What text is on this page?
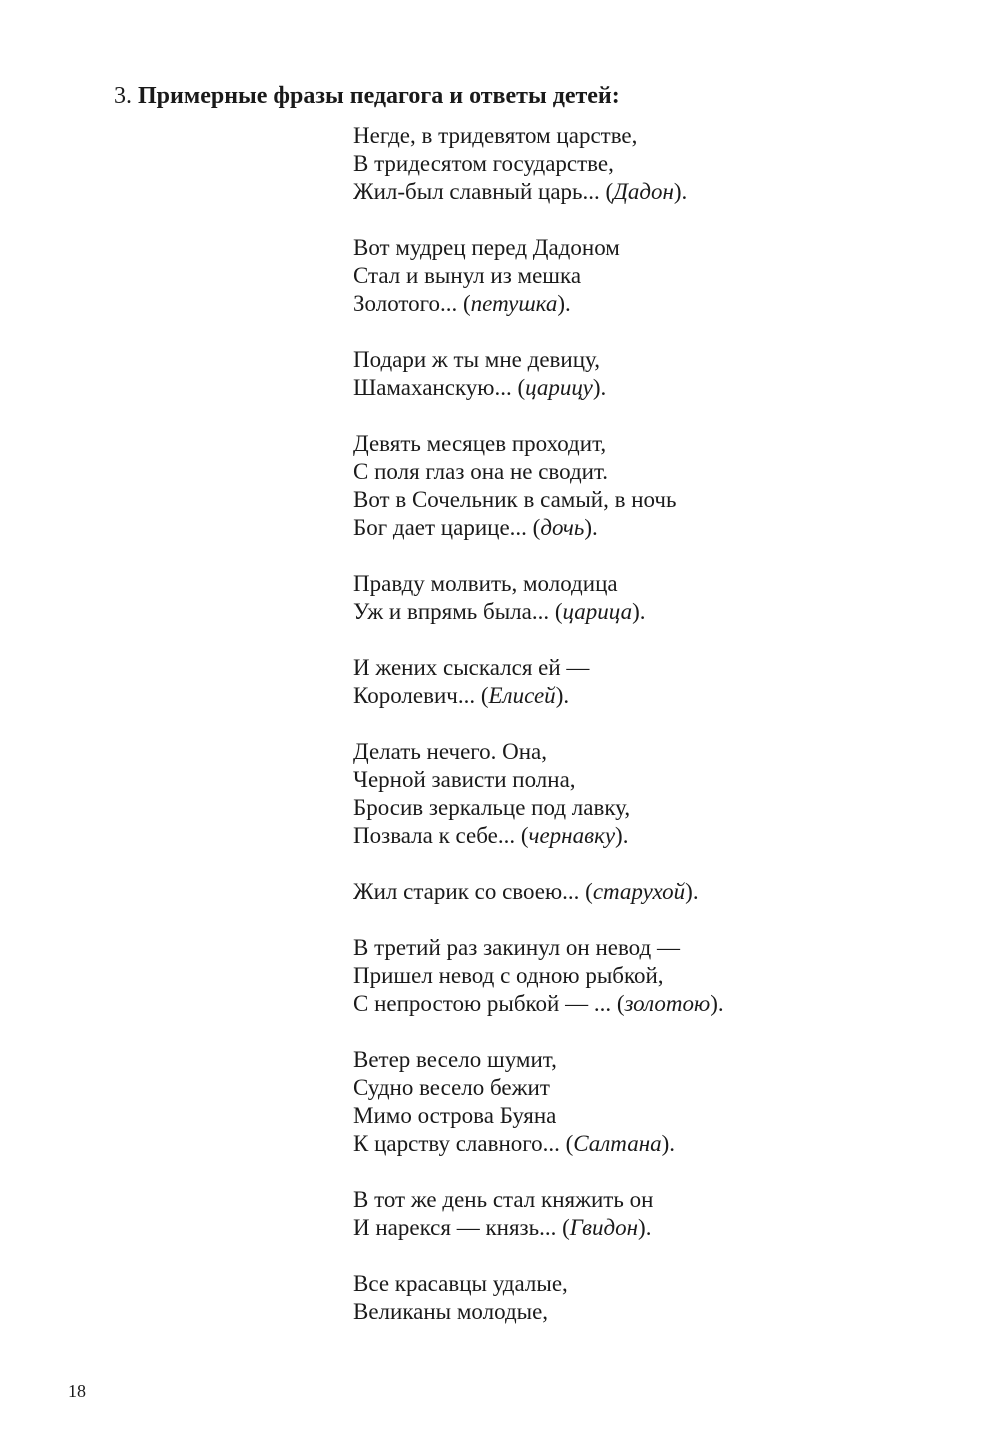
3. Примерные фразы педагога и ответы детей:
Негде, в тридевятом царстве,
В тридесятом государстве,
Жил-был славный царь... (Дадон).
Вот мудрец перед Дадоном
Стал и вынул из мешка
Золотого... (петушка).
Подари ж ты мне девицу,
Шамаханскую... (царицу).
Девять месяцев проходит,
С поля глаз она не сводит.
Вот в Сочельник в самый, в ночь
Бог дает царице... (дочь).
Правду молвить, молодица
Уж и впрямь была... (царица).
И жених сыскался ей —
Королевич... (Елисей).
Делать нечего. Она,
Черной зависти полна,
Бросив зеркальце под лавку,
Позвала к себе... (чернавку).
Жил старик со своею... (старухой).
В третий раз закинул он невод —
Пришел невод с одною рыбкой,
С непростою рыбкой — ... (золотою).
Ветер весело шумит,
Судно весело бежит
Мимо острова Буяна
К царству славного... (Салтана).
В тот же день стал княжить он
И нарекся — князь... (Гвидон).
Все красавцы удалые,
Великаны молодые,
18
